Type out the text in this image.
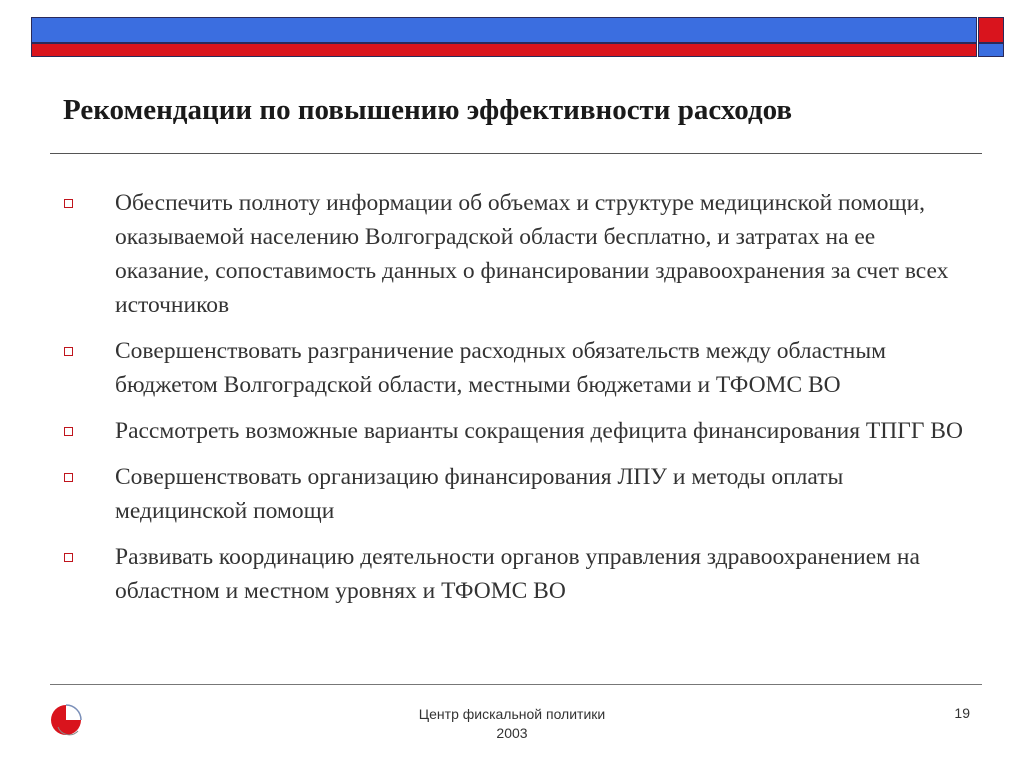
Рекомендации по повышению эффективности расходов
Обеспечить полноту информации об объемах и структуре медицинской помощи, оказываемой населению Волгоградской области бесплатно, и затратах на ее оказание, сопоставимость данных о финансировании здравоохранения за счет всех источников
Совершенствовать разграничение расходных обязательств между областным бюджетом Волгоградской области, местными бюджетами и ТФОМС ВО
Рассмотреть возможные варианты сокращения дефицита финансирования ТПГГ ВО
Совершенствовать организацию финансирования ЛПУ и методы оплаты медицинской помощи
Развивать координацию деятельности органов управления здравоохранением на областном и местном уровнях и ТФОМС ВО
Центр фискальной политики
2003
19
